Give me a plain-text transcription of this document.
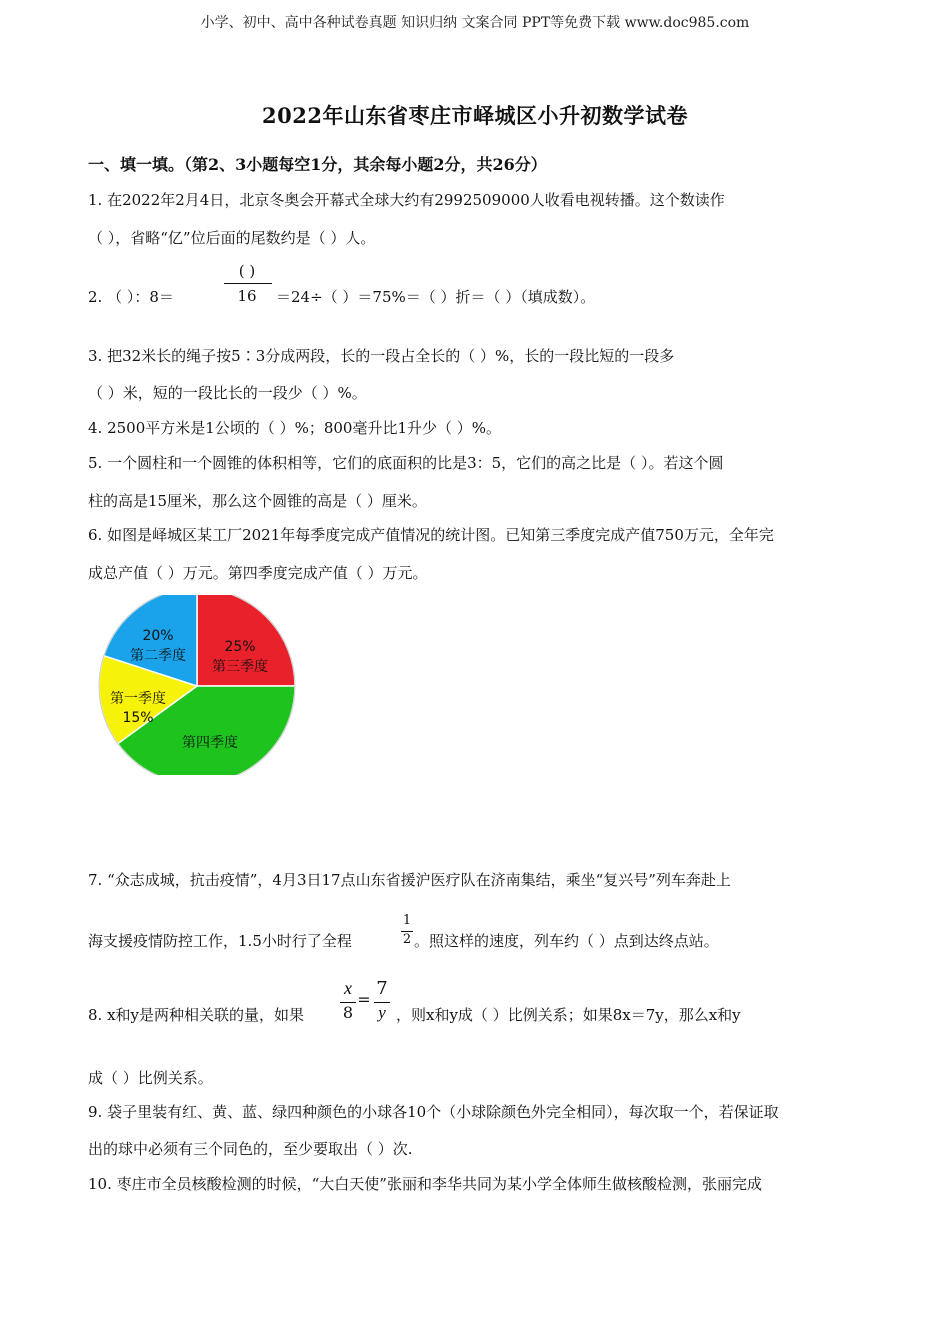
小学、初中、高中各种试卷真题 知识归纳 文案合同 PPT等免费下载 www.doc985.com
2022年山东省枣庄市峄城区小升初数学试卷
一、填一填。（第2、3小题每空1分，其余每小题2分，共26分）
1. 在2022年2月4日，北京冬奥会开幕式全球大约有2992509000人收看电视转播。这个数读作
（ ），省略“亿”位后面的尾数约是（ ）人。
2. （ ）：8＝
( )
16	＝24÷（ ）＝75%＝（ ）折＝（ ）（填成数）。
3. 把32米长的绳子按5∶3分成两段，长的一段占全长的（ ）%，长的一段比短的一段多
（ ）米，短的一段比长的一段少（ ）%。
4. 2500平方米是1公顷的（ ）%；800毫升比1升少（ ）%。
5. 一个圆柱和一个圆锥的体积相等，它们的底面积的比是3：5，它们的高之比是（ ）。若这个圆
柱的高是15厘米，那么这个圆锥的高是（ ）厘米。
6. 如图是峄城区某工厂2021年每季度完成产值情况的统计图。已知第三季度完成产值750万元，全年完
成总产值（ ）万元。第四季度完成产值（ ）万元。
25%
第三季度
第四季度
第一季度
15%
20%
第二季度
7. “众志成城，抗击疫情”，4月3日17点山东省援沪医疗队在济南集结，乘坐“复兴号”列车奔赴上
海支援疫情防控工作，1.5小时行了全程
1
2 。照这样的速度，列车约（ ）点到达终点站。
8. x和y是两种相关联的量，如果
x
8
=
7
y ，则x和y成（ ）比例关系；如果8x＝7y，那么x和y
成（ ）比例关系。
9. 袋子里装有红、黄、蓝、绿四种颜色的小球各10个（小球除颜色外完全相同），每次取一个，若保证取
出的球中必须有三个同色的，至少要取出（ ）次.
10. 枣庄市全员核酸检测的时候，“大白天使”张丽和李华共同为某小学全体师生做核酸检测，张丽完成
